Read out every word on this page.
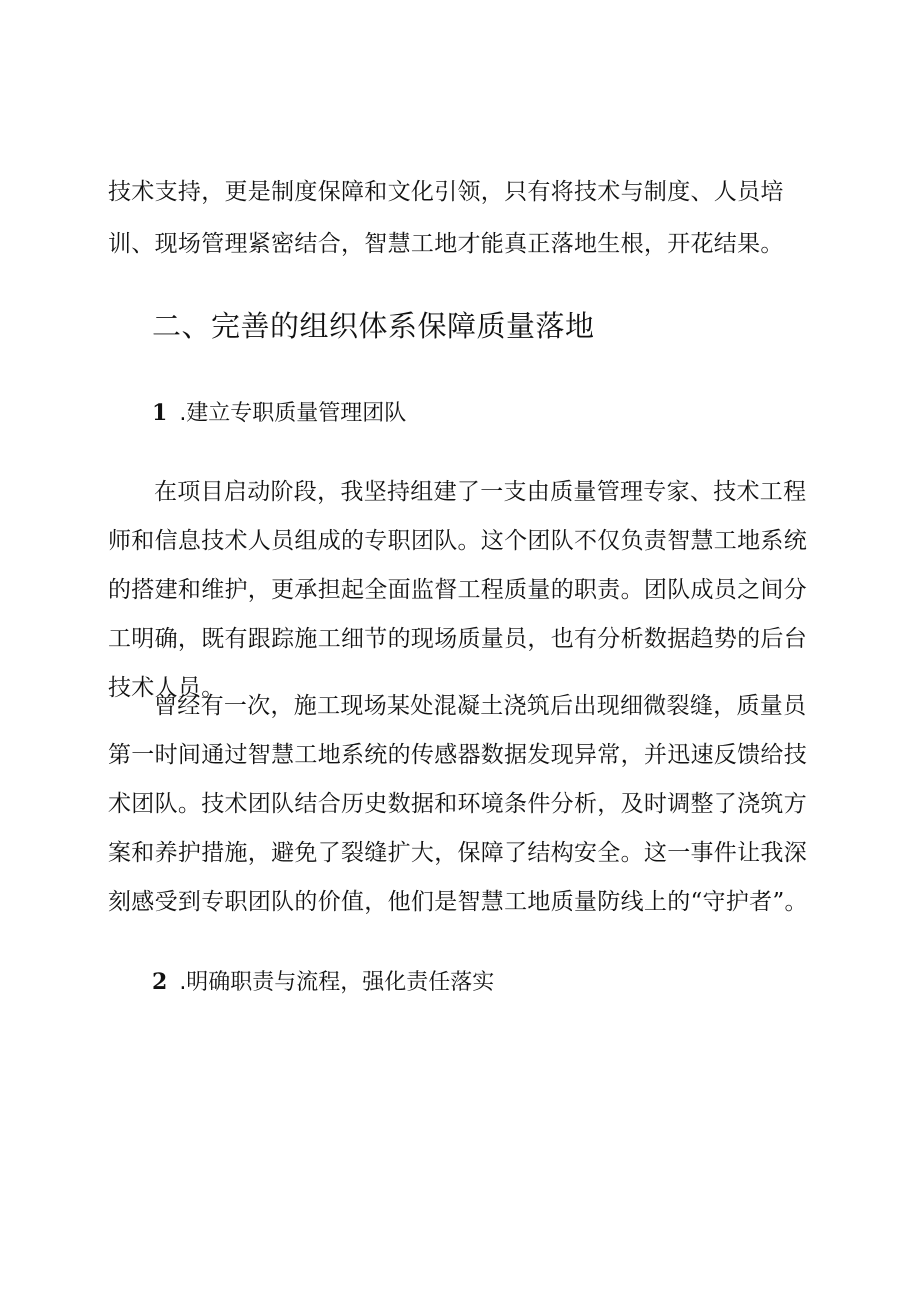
技术支持，更是制度保障和文化引领，只有将技术与制度、人员培训、现场管理紧密结合，智慧工地才能真正落地生根，开花结果。

二、完善的组织体系保障质量落地
1 .建立专职质量管理团队

在项目启动阶段，我坚持组建了一支由质量管理专家、技术工程师和信息技术人员组成的专职团队。这个团队不仅负责智慧工地系统的搭建和维护，更承担起全面监督工程质量的职责。团队成员之间分工明确，既有跟踪施工细节的现场质量员，也有分析数据趋势的后台技术人员。

曾经有一次，施工现场某处混凝土浇筑后出现细微裂缝，质量员第一时间通过智慧工地系统的传感器数据发现异常，并迅速反馈给技术团队。技术团队结合历史数据和环境条件分析，及时调整了浇筑方案和养护措施，避免了裂缝扩大，保障了结构安全。这一事件让我深刻感受到专职团队的价值，他们是智慧工地质量防线上的“守护者”。

2 .明确职责与流程，强化责任落实
